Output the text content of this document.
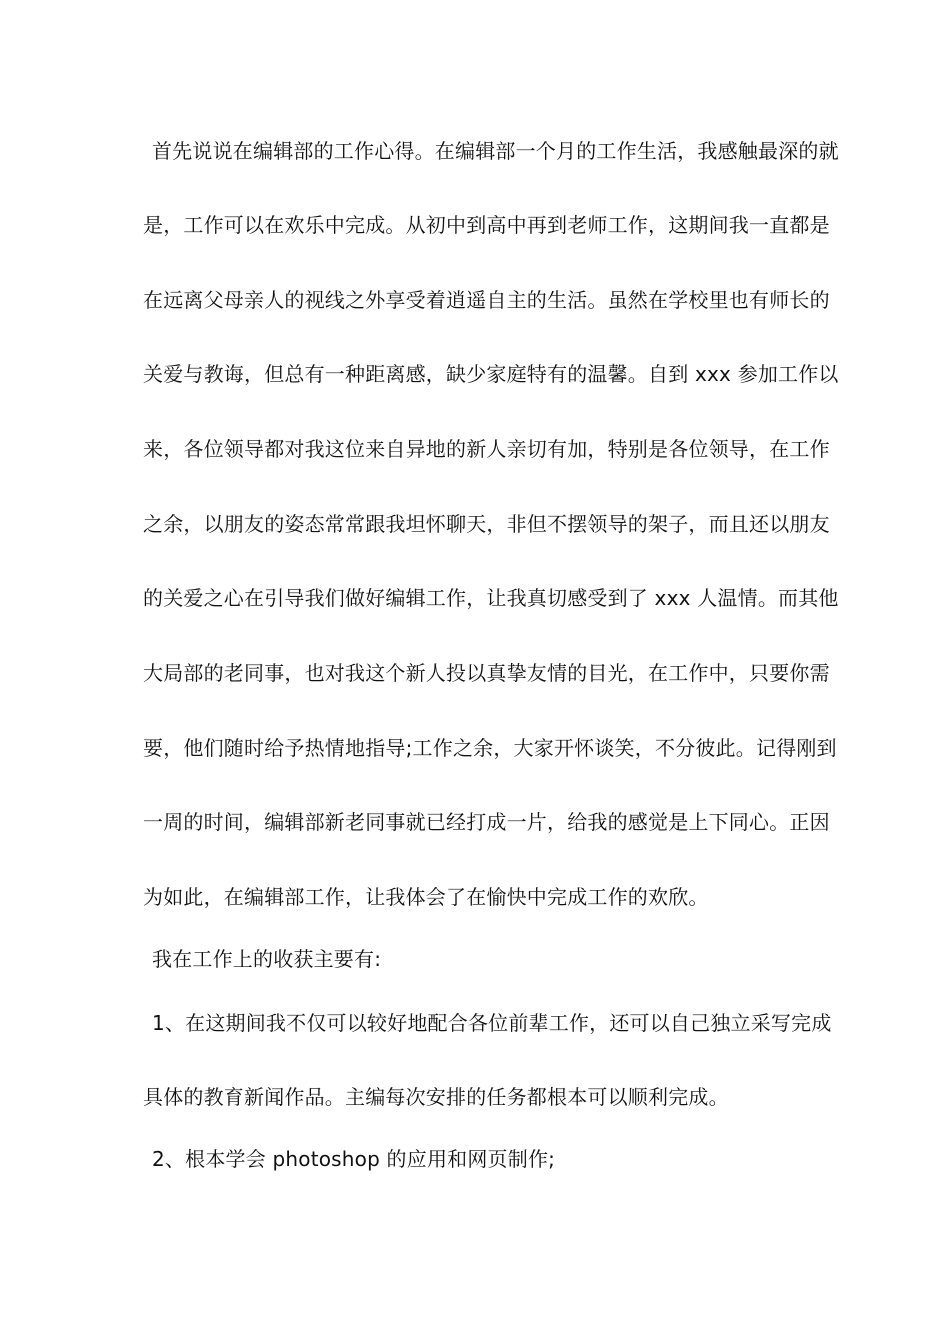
首先说说在编辑部的工作心得。在编辑部一个月的工作生活，我感触最深的就
是，工作可以在欢乐中完成。从初中到高中再到老师工作，这期间我一直都是
在远离父母亲人的视线之外享受着逍遥自主的生活。虽然在学校里也有师长的
关爱与教诲，但总有一种距离感，缺少家庭特有的温馨。自到 xxx 参加工作以
来，各位领导都对我这位来自异地的新人亲切有加，特别是各位领导，在工作
之余，以朋友的姿态常常跟我坦怀聊天，非但不摆领导的架子，而且还以朋友
的关爱之心在引导我们做好编辑工作，让我真切感受到了 xxx 人温情。而其他
大局部的老同事，也对我这个新人投以真挚友情的目光，在工作中，只要你需
要，他们随时给予热情地指导;工作之余，大家开怀谈笑，不分彼此。记得刚到
一周的时间，编辑部新老同事就已经打成一片，给我的感觉是上下同心。正因
为如此，在编辑部工作，让我体会了在愉快中完成工作的欢欣。
我在工作上的收获主要有:
1、在这期间我不仅可以较好地配合各位前辈工作，还可以自己独立采写完成
具体的教育新闻作品。主编每次安排的任务都根本可以顺利完成。
2、根本学会 photoshop 的应用和网页制作;
